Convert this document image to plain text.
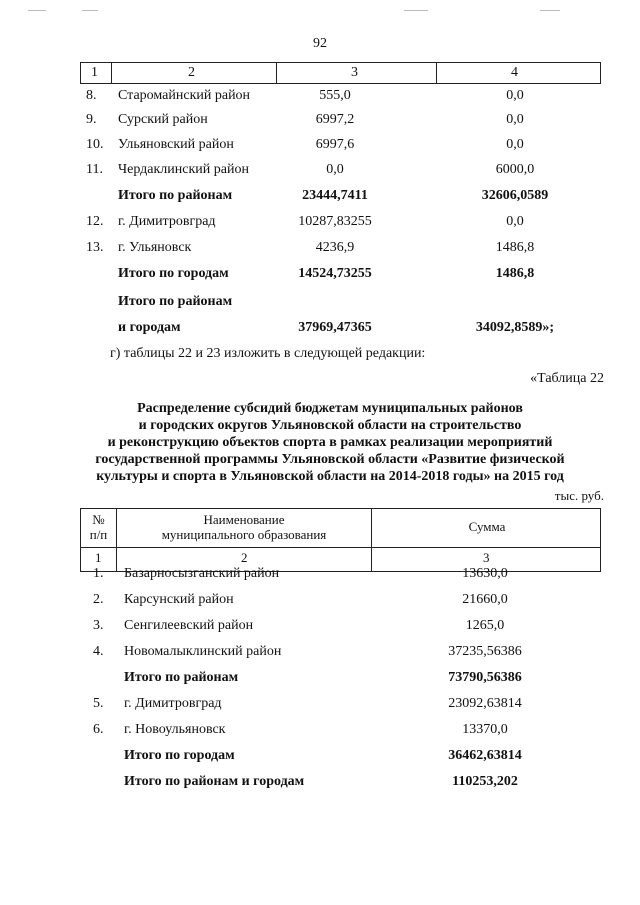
92
1	2	3	4
8. Старомайнский район	555,0	0,0
9. Сурский район	6997,2	0,0
10. Ульяновский район	6997,6	0,0
11. Чердаклинский район	0,0	6000,0
Итого по районам	23444,7411	32606,0589
12. г. Димитровград	10287,83255	0,0
13. г. Ульяновск	4236,9	1486,8
Итого по городам	14524,73255	1486,8
Итого по районам
и городам	37969,47365	34092,8589»;
г) таблицы 22 и 23 изложить в следующей редакции:
«Таблица 22
Распределение субсидий бюджетам муниципальных районов
и городских округов Ульяновской области на строительство
и реконструкцию объектов спорта в рамках реализации мероприятий
государственной программы Ульяновской области «Развитие физической
культуры и спорта в Ульяновской области на 2014-2018 годы» на 2015 год
тыс. руб.
№
п/п
Наименование
муниципального образования
Сумма
1	2	3
1. Базарносызганский район	13630,0
2. Карсунский район	21660,0
3. Сенгилеевский район	1265,0
4. Новомалыклинский район	37235,56386
Итого по районам	73790,56386
5. г. Димитровград	23092,63814
6. г. Новоульяновск	13370,0
Итого по городам	36462,63814
Итого по районам и городам	110253,202
